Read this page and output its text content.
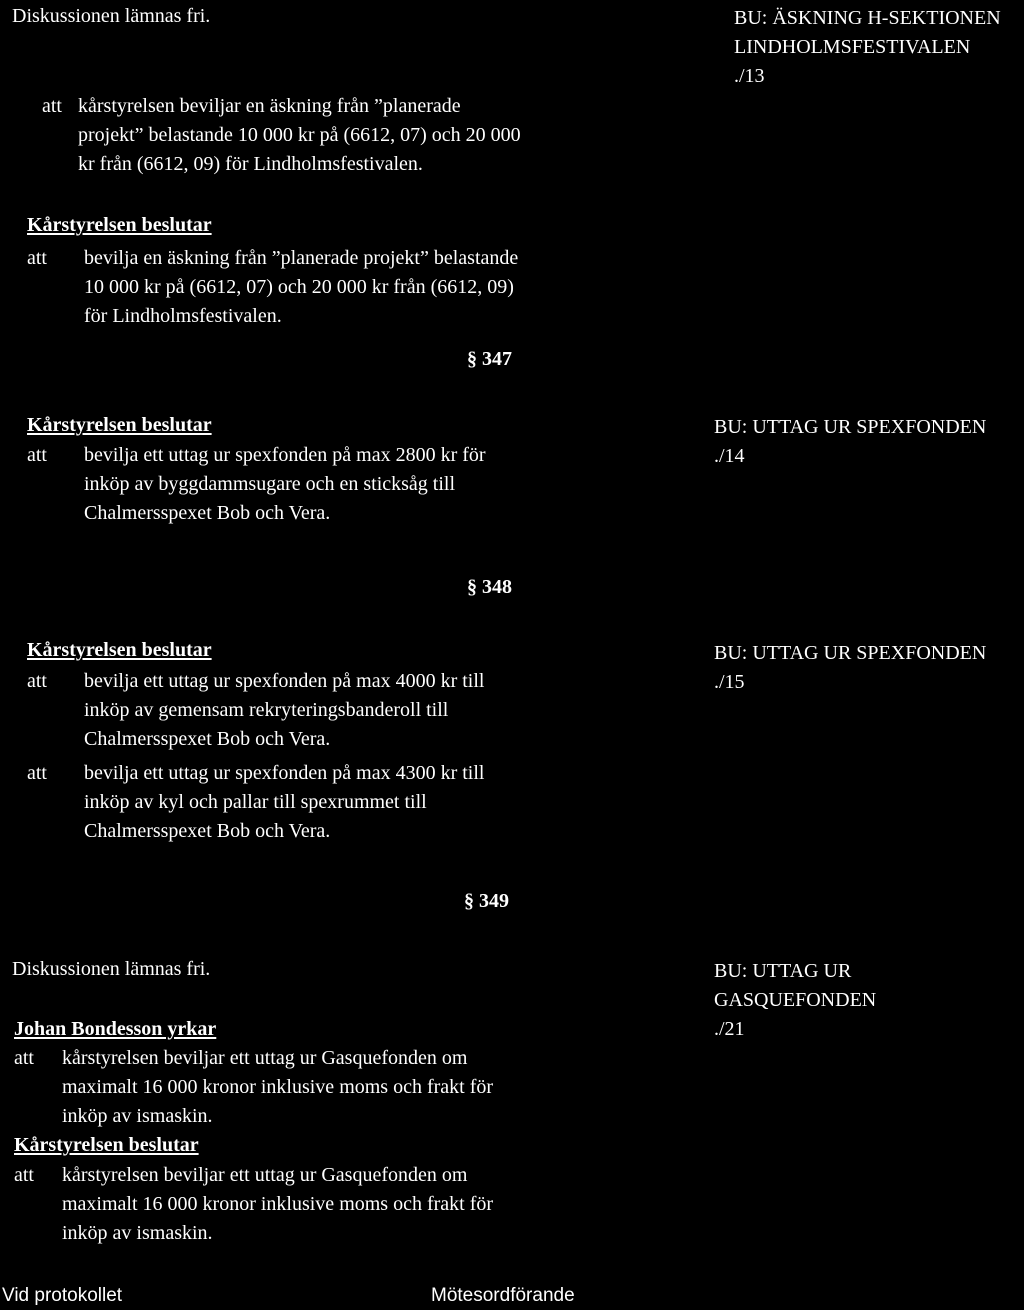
Diskussionen lämnas fri.	BU: ÄSKNING H-SEKTIONEN
LINDHOLMSFESTIVALEN
./13
att kårstyrelsen beviljar en äskning från ”planerade
projekt” belastande 10 000 kr på (6612, 07) och 20 000
kr från (6612, 09) för Lindholmsfestivalen.
Kårstyrelsen beslutar
att bevilja en äskning från ”planerade projekt” belastande
10 000 kr på (6612, 07) och 20 000 kr från (6612, 09)
för Lindholmsfestivalen.
§ 347
Kårstyrelsen beslutar
att bevilja ett uttag ur spexfonden på max 2800 kr för
inköp av byggdammsugare och en sticksåg till
Chalmersspexet Bob och Vera.
BU: UTTAG UR SPEXFONDEN
./14
§ 348
Kårstyrelsen beslutar
att bevilja ett uttag ur spexfonden på max 4000 kr till
inköp av gemensam rekryteringsbanderoll till
Chalmersspexet Bob och Vera.
att bevilja ett uttag ur spexfonden på max 4300 kr till
inköp av kyl och pallar till spexrummet till
Chalmersspexet Bob och Vera.
BU: UTTAG UR SPEXFONDEN
./15
§ 349
Diskussionen lämnas fri.	BU: UTTAG UR
GASQUEFONDEN
./21
Johan Bondesson yrkar
att kårstyrelsen beviljar ett uttag ur Gasquefonden om
maximalt 16 000 kronor inklusive moms och frakt för
inköp av ismaskin.
Kårstyrelsen beslutar
att kårstyrelsen beviljar ett uttag ur Gasquefonden om
maximalt 16 000 kronor inklusive moms och frakt för
inköp av ismaskin.
Vid protokollet	Mötesordförande
